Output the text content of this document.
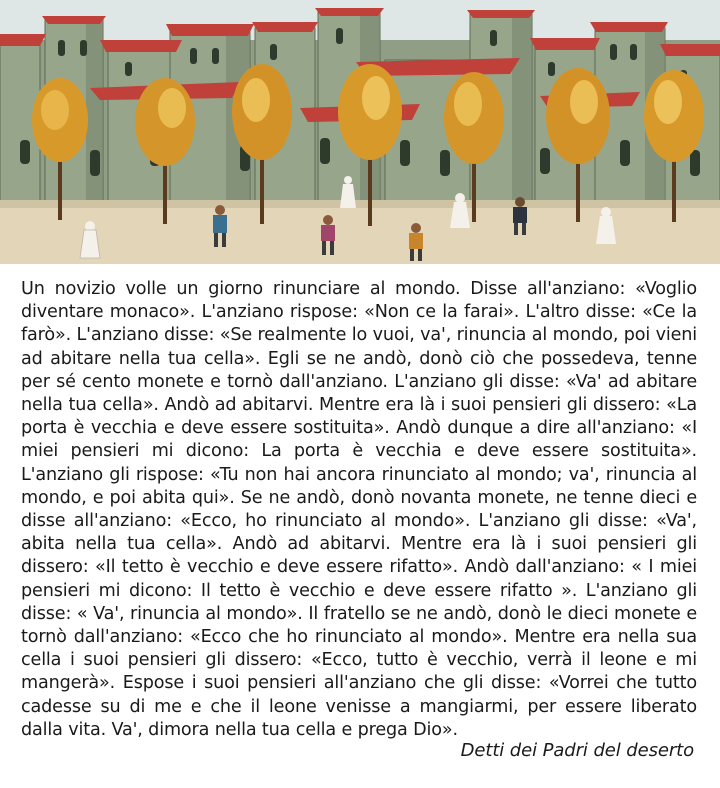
Un novizio volle un giorno rinunciare al mondo. Disse all'anziano: «Voglio diventare monaco». L'anziano rispose: «Non ce la farai». L'altro disse: «Ce la farò». L'anziano disse: «Se realmente lo vuoi, va', rinuncia al mondo, poi vieni ad abitare nella tua cella». Egli se ne andò, donò ciò che possedeva, tenne per sé cento monete e tornò dall'anziano. L'anziano gli disse: «Va' ad abitare nella tua cella». Andò ad abitarvi. Mentre era là i suoi pensieri gli dissero: «La porta è vecchia e deve essere sostituita». Andò dunque a dire all'anziano: «I miei pensieri mi dicono: La porta è vecchia e deve essere sostituita». L'anziano gli rispose: «Tu non hai ancora rinunciato al mondo; va', rinuncia al mondo, e poi abita qui». Se ne andò, donò novanta monete, ne tenne dieci e disse all'anziano: «Ecco, ho rinunciato al mondo». L'anziano gli disse: «Va', abita nella tua cella». Andò ad abitarvi. Mentre era là i suoi pensieri gli dissero: «Il tetto è vecchio e deve essere rifatto». Andò dall'anziano: « I miei pensieri mi dicono: Il tetto è vecchio e deve essere rifatto ». L'anziano gli disse: « Va', rinuncia al mondo». Il fratello se ne andò, donò le dieci monete e tornò dall'anziano: «Ecco che ho rinunciato al mondo». Mentre era nella sua cella i suoi pensieri gli dissero: «Ecco, tutto è vecchio, verrà il leone e mi mangerà». Espose i suoi pensieri all'anziano che gli disse: «Vorrei che tutto cadesse su di me e che il leone venisse a mangiarmi, per essere liberato dalla vita. Va', dimora nella tua cella e prega Dio».

Detti dei Padri del deserto
